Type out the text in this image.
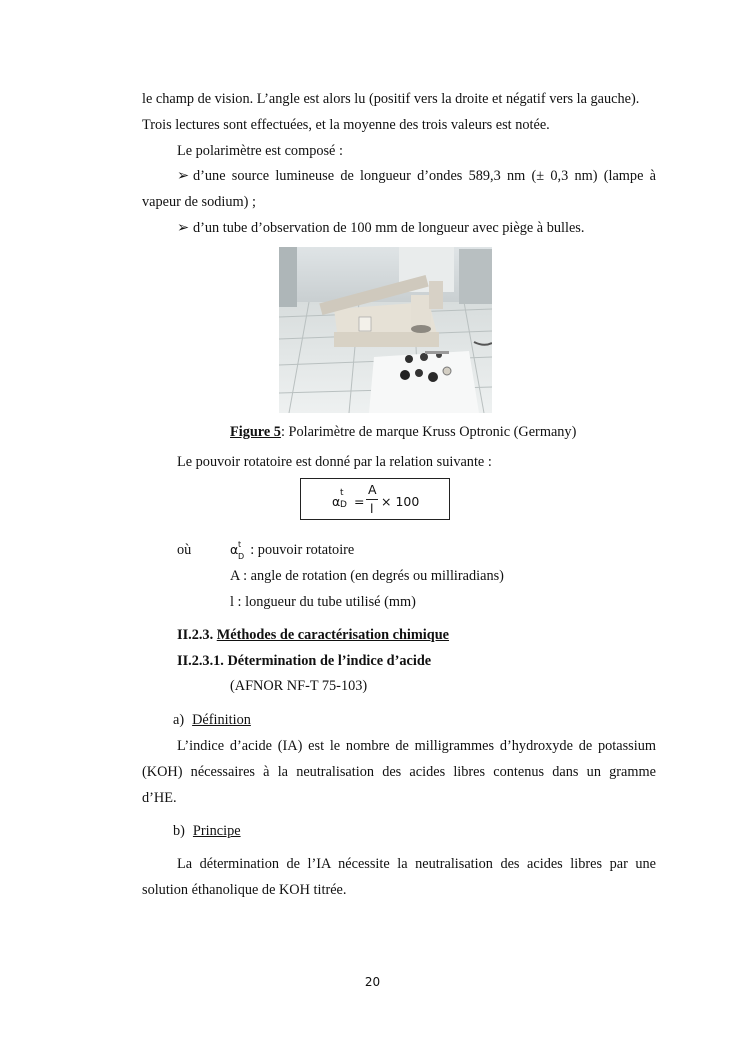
le champ de vision. L’angle est alors lu (positif vers la droite et négatif vers la gauche).
Trois lectures sont effectuées, et la moyenne des trois valeurs est notée.
Le polarimètre est composé :
➢ d’une source lumineuse de longueur d’ondes 589,3 nm (± 0,3 nm) (lampe à
vapeur de sodium) ;
➢ d’un tube d’observation de 100 mm de longueur avec piège à bulles.
Figure 5: Polarimètre de marque Kruss Optronic (Germany)
Le pouvoir rotatoire est donné par la relation suivante :
α
t
D =
A
l × 100
où	α t
D : pouvoir rotatoire
A : angle de rotation (en degrés ou milliradians)
l : longueur du tube utilisé (mm)
II.2.3. Méthodes de caractérisation chimique
II.2.3.1. Détermination de l’indice d’acide
(AFNOR NF-T 75-103)
a) Définition
L’indice d’acide (IA) est le nombre de milligrammes d’hydroxyde de potassium
(KOH) nécessaires à la neutralisation des acides libres contenus dans un gramme
d’HE.
b) Principe
La détermination de l’IA nécessite la neutralisation des acides libres par une
solution éthanolique de KOH titrée.
20
